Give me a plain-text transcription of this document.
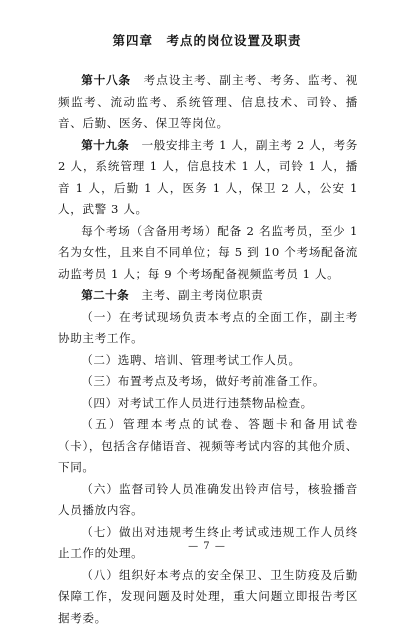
第四章　考点的岗位设置及职责

第十八条　 考点设主考、副主考、考务、监考、视频监考、流动监考、系统管理、信息技术、司铃、播音、后勤、医务、保卫等岗位。

第十九条　 一般安排主考 1 人，副主考 2 人，考务 2 人，系统管理 1 人，信息技术 1 人，司铃 1 人，播音 1 人，后勤 1 人，医务 1 人，保卫 2 人，公安 1 人，武警 3 人。

每个考场（含备用考场）配备 2 名监考员，至少 1 名为女性，且来自不同单位；每 5 到 10 个考场配备流动监考员 1 人；每 9 个考场配备视频监考员 1 人。

第二十条　 主考、副主考岗位职责

（一）在考试现场负责本考点的全面工作，副主考协助主考工作。

（二）选聘、培训、管理考试工作人员。

（三）布置考点及考场，做好考前准备工作。

（四）对考试工作人员进行违禁物品检查。

（五）管理本考点的试卷、答题卡和备用试卷（卡），包括含存储语音、视频等考试内容的其他介质、下同。

（六）监督司铃人员准确发出铃声信号，核验播音人员播放内容。

（七）做出对违规考生终止考试或违规工作人员终止工作的处理。

（八）组织好本考点的安全保卫、卫生防疫及后勤保障工作，发现问题及时处理，重大问题立即报告考区据考委。

— 7 —
